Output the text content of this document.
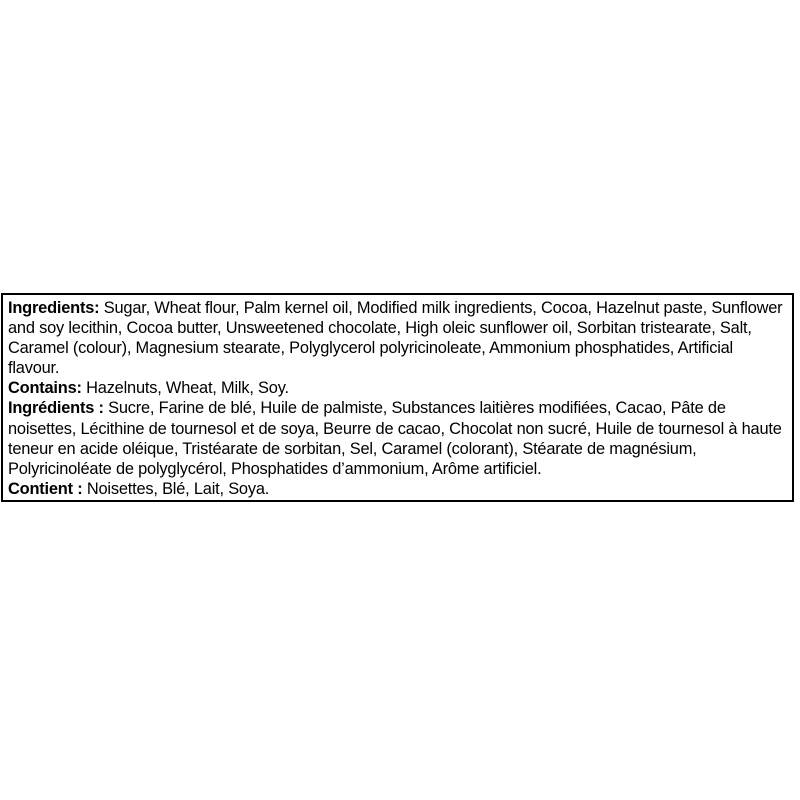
Ingredients: Sugar, Wheat flour, Palm kernel oil, Modified milk ingredients, Cocoa, Hazelnut paste, Sunflower and soy lecithin, Cocoa butter, Unsweetened chocolate, High oleic sunflower oil, Sorbitan tristearate, Salt, Caramel (colour), Magnesium stearate, Polyglycerol polyricinoleate, Ammonium phosphatides, Artificial flavour.

Contains: Hazelnuts, Wheat, Milk, Soy.

Ingrédients : Sucre, Farine de blé, Huile de palmiste, Substances laitières modifiées, Cacao, Pâte de noisettes, Lécithine de tournesol et de soya, Beurre de cacao, Chocolat non sucré, Huile de tournesol à haute teneur en acide oléique, Tristéarate de sorbitan, Sel, Caramel (colorant), Stéarate de magnésium, Polyricinoléate de polyglycérol, Phosphatides d’ammonium, Arôme artificiel.

Contient : Noisettes, Blé, Lait, Soya.
